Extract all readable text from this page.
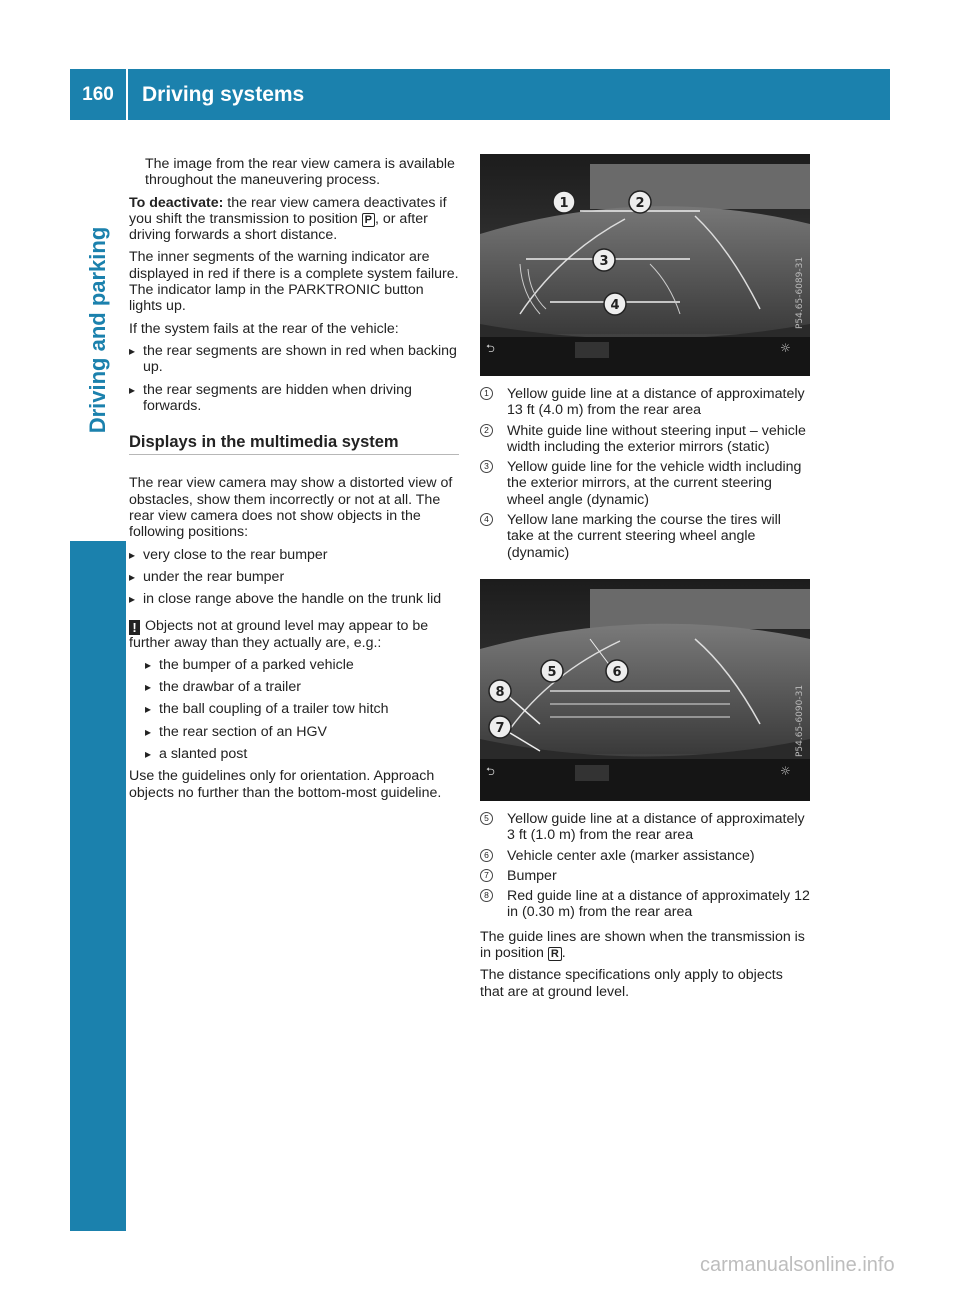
160	Driving systems
Driving and parking

The image from the rear view camera is available throughout the maneuvering process.

To deactivate: the rear view camera deactivates if you shift the transmission to position P , or after driving forwards a short distance.

The inner segments of the warning indicator are displayed in red if there is a complete system failure. The indicator lamp in the PARKTRONIC button lights up.

If the system fails at the rear of the vehicle:

▸ the rear segments are shown in red when backing up.
▸ the rear segments are hidden when driving forwards.
Displays in the multimedia system

The rear view camera may show a distorted view of obstacles, show them incorrectly or not at all. The rear view camera does not show objects in the following positions:

▸ very close to the rear bumper
▸ under the rear bumper
▸ in close range above the handle on the trunk lid

! Objects not at ground level may appear to be further away than they actually are, e.g.:

▸ the bumper of a parked vehicle
▸ the drawbar of a trailer
▸ the ball coupling of a trailer tow hitch
▸ the rear section of an HGV
▸ a slanted post

Use the guidelines only for orientation. Approach objects no further than the bottom-most guideline.

⮌	☼
1	2
3
4	P54.65-6089-31
1 Yellow guide line at a distance of approximately 13 ft (4.0 m) from the rear area
2 White guide line without steering input – vehicle width including the exterior mirrors (static)
3 Yellow guide line for the vehicle width including the exterior mirrors, at the current steering wheel angle (dynamic)
4 Yellow lane marking the course the tires will take at the current steering wheel angle (dynamic)
⮌	☼
5	6
8
7	P54.65-6090-31
5 Yellow guide line at a distance of approximately 3 ft (1.0 m) from the rear area
6 Vehicle center axle (marker assistance)
7 Bumper
8 Red guide line at a distance of approximately 12 in (0.30 m) from the rear area

The guide lines are shown when the transmission is in position R .

The distance specifications only apply to objects that are at ground level.

carmanualsonline.info
